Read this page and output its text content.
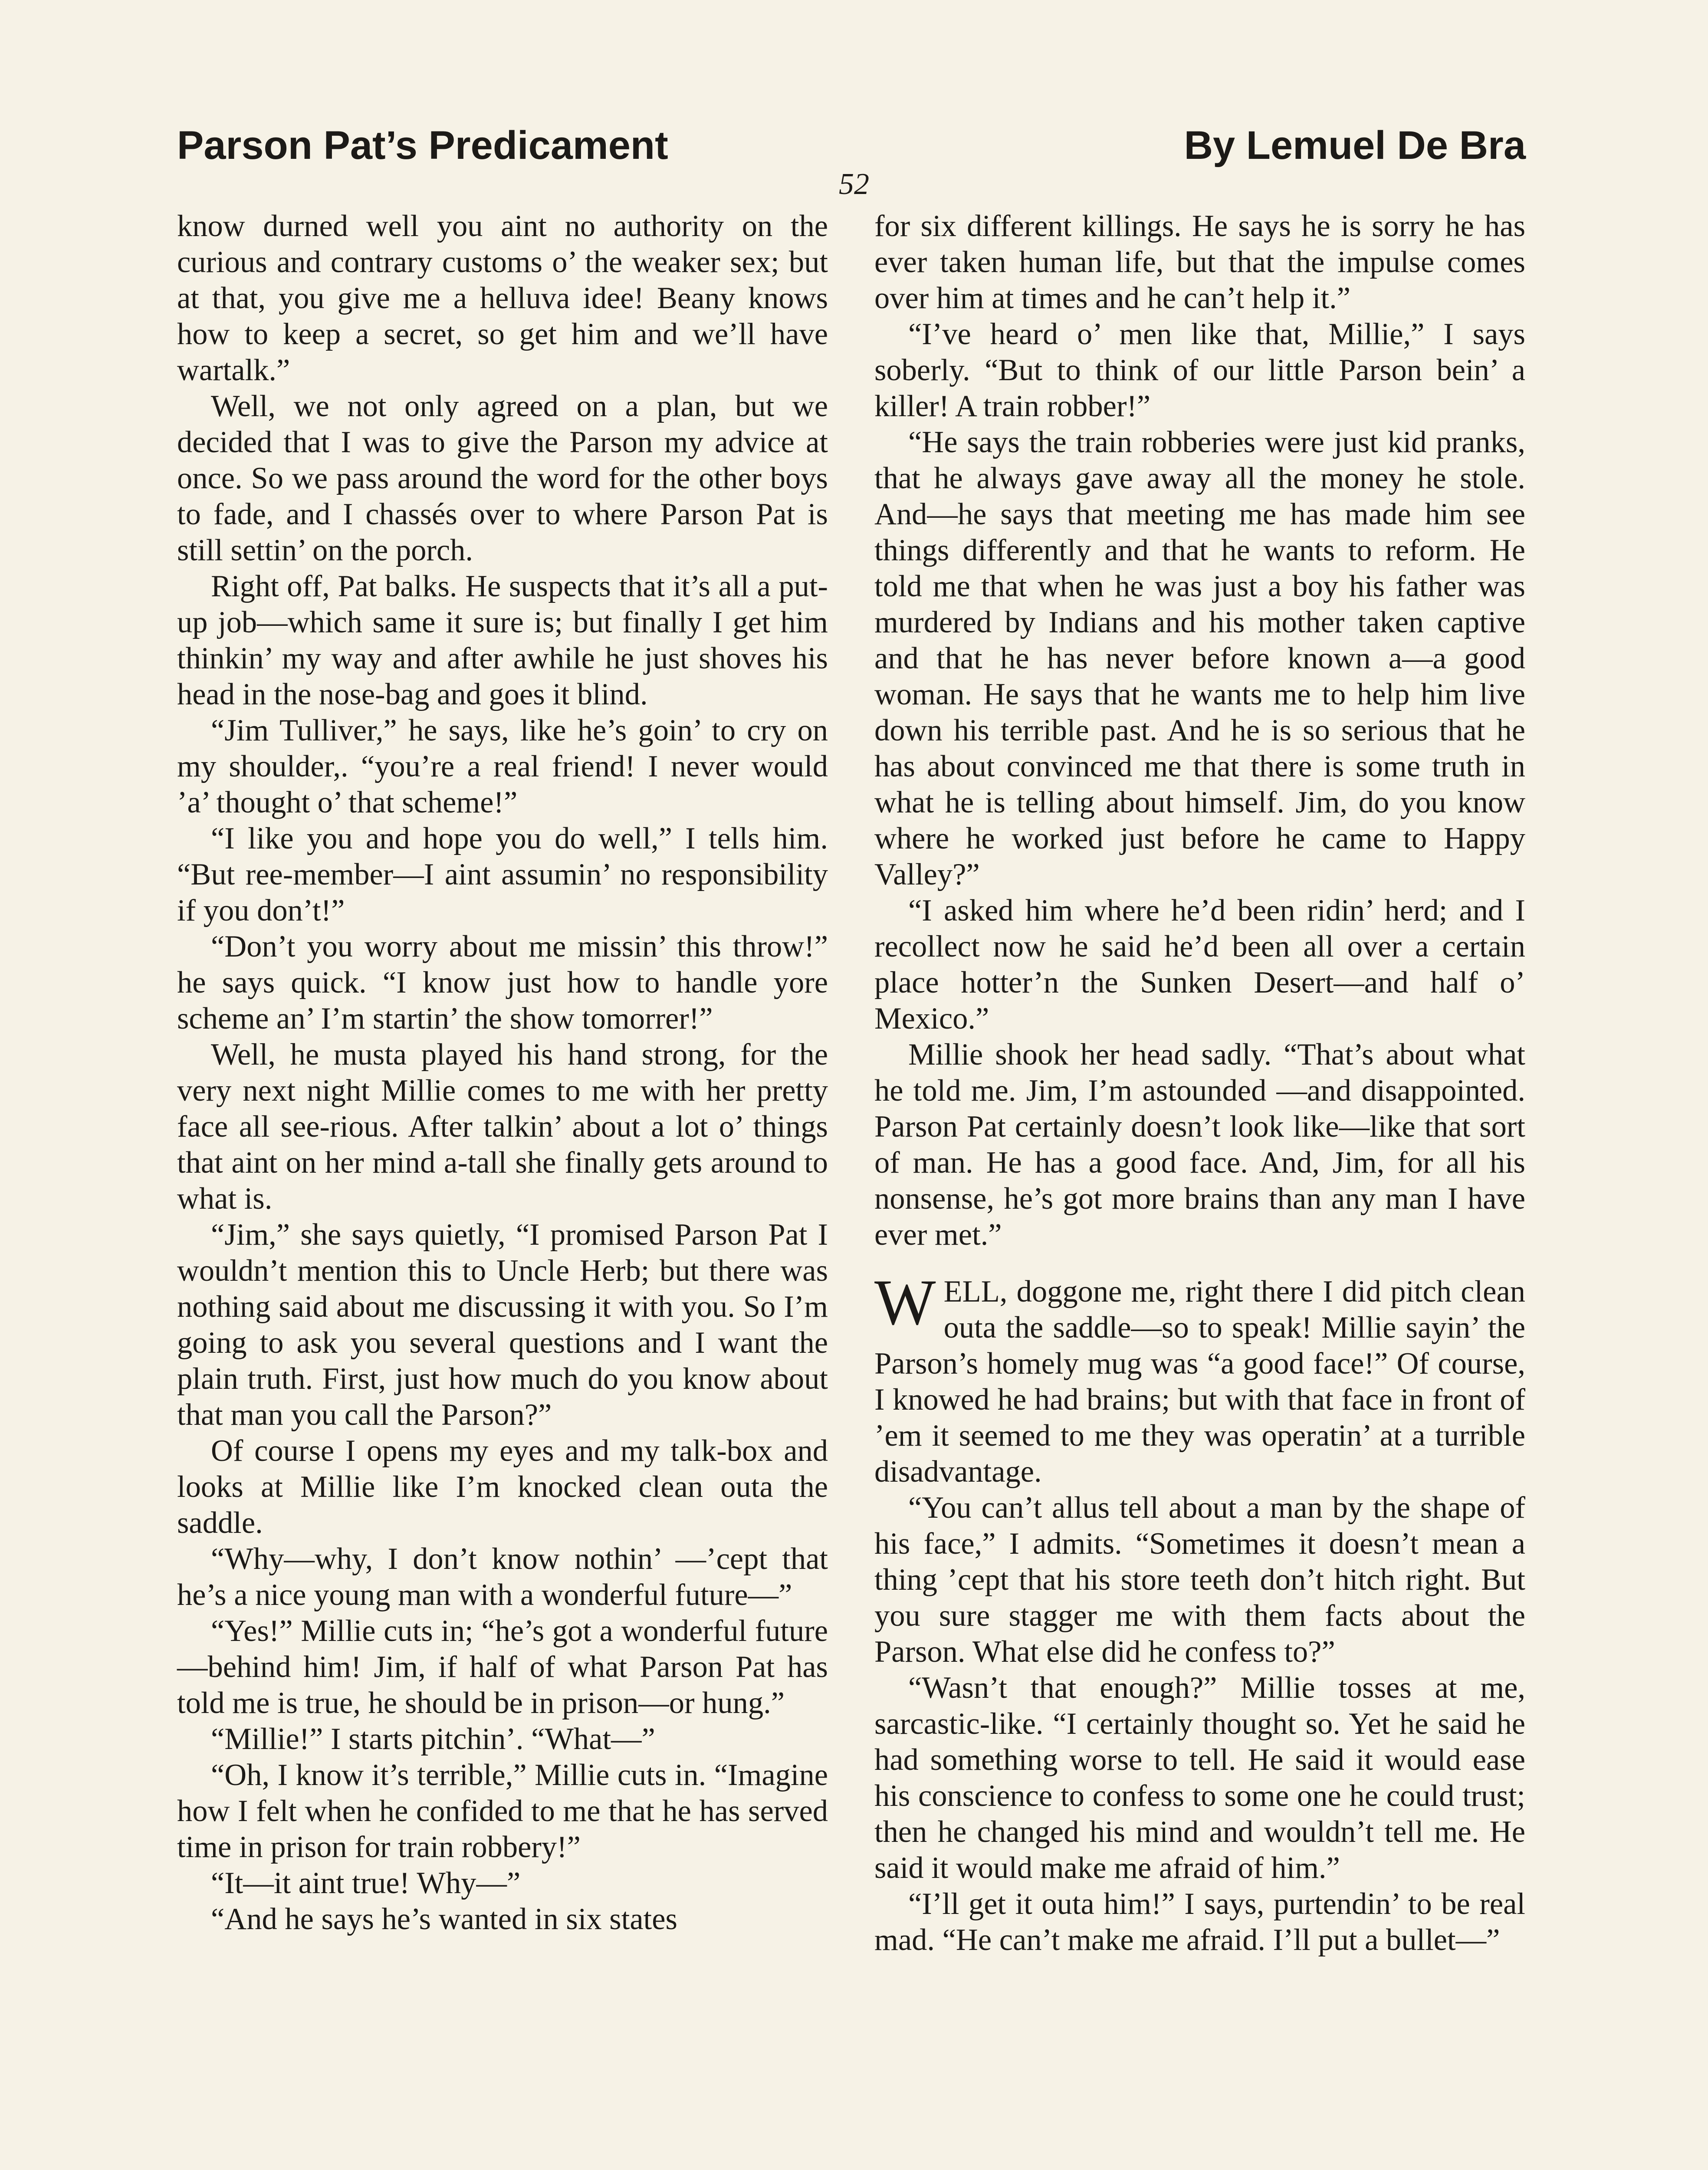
Parson Pat’s Predicament	By Lemuel De Bra
52

know durned well you aint no authority on the curious and contrary customs o’ the weaker sex; but at that, you give me a helluva idee! Beany knows how to keep a secret, so get him and we’ll have wartalk.”

Well, we not only agreed on a plan, but we decided that I was to give the Parson my advice at once. So we pass around the word for the other boys to fade, and I chassés over to where Parson Pat is still settin’ on the porch.

Right off, Pat balks. He suspects that it’s all a put-up job—which same it sure is; but finally I get him thinkin’ my way and after awhile he just shoves his head in the nose-bag and goes it blind.

“Jim Tulliver,” he says, like he’s goin’ to cry on my shoulder,. “you’re a real friend! I never would ’a’ thought o’ that scheme!”

“I like you and hope you do well,” I tells him. “But ree-member—I aint assumin’ no responsibility if you don’t!”

“Don’t you worry about me missin’ this throw!” he says quick. “I know just how to handle yore scheme an’ I’m startin’ the show tomorrer!”

Well, he musta played his hand strong, for the very next night Millie comes to me with her pretty face all see-rious. After talkin’ about a lot o’ things that aint on her mind a-tall she finally gets around to what is.

“Jim,” she says quietly, “I promised Parson Pat I wouldn’t mention this to Uncle Herb; but there was nothing said about me discussing it with you. So I’m going to ask you several questions and I want the plain truth. First, just how much do you know about that man you call the Parson?”

Of course I opens my eyes and my talk-box and looks at Millie like I’m knocked clean outa the saddle.

“Why—why, I don’t know nothin’ —’cept that he’s a nice young man with a wonderful future—”

“Yes!” Millie cuts in; “he’s got a wonderful future—behind him! Jim, if half of what Parson Pat has told me is true, he should be in prison—or hung.”

“Millie!” I starts pitchin’. “What—”

“Oh, I know it’s terrible,” Millie cuts in. “Imagine how I felt when he confided to me that he has served time in prison for train robbery!”

“It—it aint true! Why—”

“And he says he’s wanted in six states

for six different killings. He says he is sorry he has ever taken human life, but that the impulse comes over him at times and he can’t help it.”

“I’ve heard o’ men like that, Millie,” I says soberly. “But to think of our little Parson bein’ a killer! A train robber!”

“He says the train robberies were just kid pranks, that he always gave away all the money he stole. And—he says that meeting me has made him see things differently and that he wants to reform. He told me that when he was just a boy his father was murdered by Indians and his mother taken captive and that he has never before known a—a good woman. He says that he wants me to help him live down his terrible past. And he is so serious that he has about convinced me that there is some truth in what he is telling about himself. Jim, do you know where he worked just before he came to Happy Valley?”

“I asked him where he’d been ridin’ herd; and I recollect now he said he’d been all over a certain place hotter’n the Sunken Desert—and half o’ Mexico.”

Millie shook her head sadly. “That’s about what he told me. Jim, I’m astounded —and disappointed. Parson Pat certainly doesn’t look like—like that sort of man. He has a good face. And, Jim, for all his nonsense, he’s got more brains than any man I have ever met.”

WELL, doggone me, right there I did pitch clean outa the saddle—so to speak! Millie sayin’ the Parson’s homely mug was “a good face!” Of course, I knowed he had brains; but with that face in front of ’em it seemed to me they was operatin’ at a turrible disadvantage.

“You can’t allus tell about a man by the shape of his face,” I admits. “Sometimes it doesn’t mean a thing ’cept that his store teeth don’t hitch right. But you sure stagger me with them facts about the Parson. What else did he confess to?”

“Wasn’t that enough?” Millie tosses at me, sarcastic-like. “I certainly thought so. Yet he said he had something worse to tell. He said it would ease his conscience to confess to some one he could trust; then he changed his mind and wouldn’t tell me. He said it would make me afraid of him.”

“I’ll get it outa him!” I says, purtendin’ to be real mad. “He can’t make me afraid. I’ll put a bullet—”
